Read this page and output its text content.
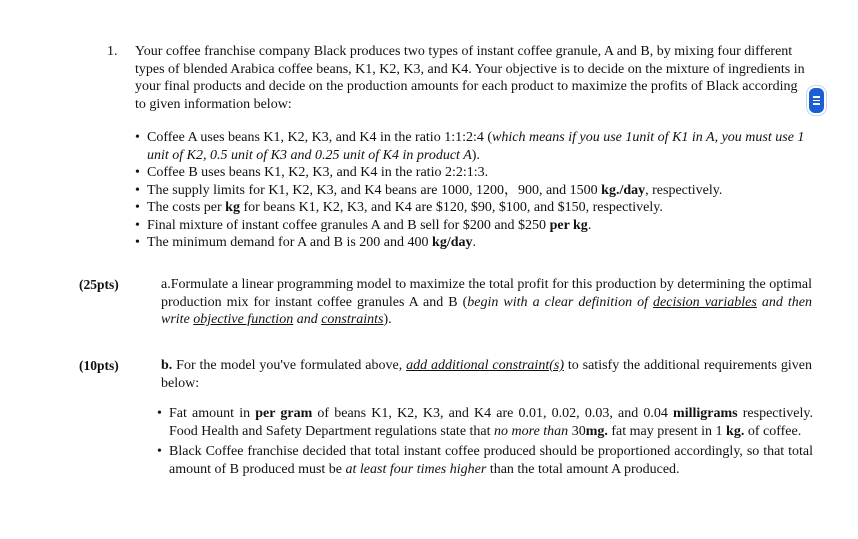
1. Your coffee franchise company Black produces two types of instant coffee granule, A and B, by mixing four different types of blended Arabica coffee beans, K1, K2, K3, and K4. Your objective is to decide on the mixture of ingredients in your final products and decide on the production amounts for each product to maximize the profits of Black according to given information below:
• Coffee A uses beans K1, K2, K3, and K4 in the ratio 1:1:2:4 (which means if you use 1unit of K1 in A, you must use 1 unit of K2, 0.5 unit of K3 and 0.25 unit of K4 in product A).
• Coffee B uses beans K1, K2, K3, and K4 in the ratio 2:2:1:3.
• The supply limits for K1, K2, K3, and K4 beans are 1000, 1200，900, and 1500 kg./day, respectively.
• The costs per kg for beans K1, K2, K3, and K4 are $120, $90, $100, and $150, respectively.
• Final mixture of instant coffee granules A and B sell for $200 and $250 per kg.
• The minimum demand for A and B is 200 and 400 kg/day.
(25pts)	a.Formulate a linear programming model to maximize the total profit for this production by determining the optimal production mix for instant coffee granules A and B (begin with a clear definition of decision variables and then write objective function and constraints).
(10pts)	b. For the model you've formulated above, add additional constraint(s) to satisfy the additional requirements given below:
• Fat amount in per gram of beans K1, K2, K3, and K4 are 0.01, 0.02, 0.03, and 0.04 milligrams respectively. Food Health and Safety Department regulations state that no more than 30mg. fat may present in 1 kg. of coffee.
• Black Coffee franchise decided that total instant coffee produced should be proportioned accordingly, so that total amount of B produced must be at least four times higher than the total amount A produced.
